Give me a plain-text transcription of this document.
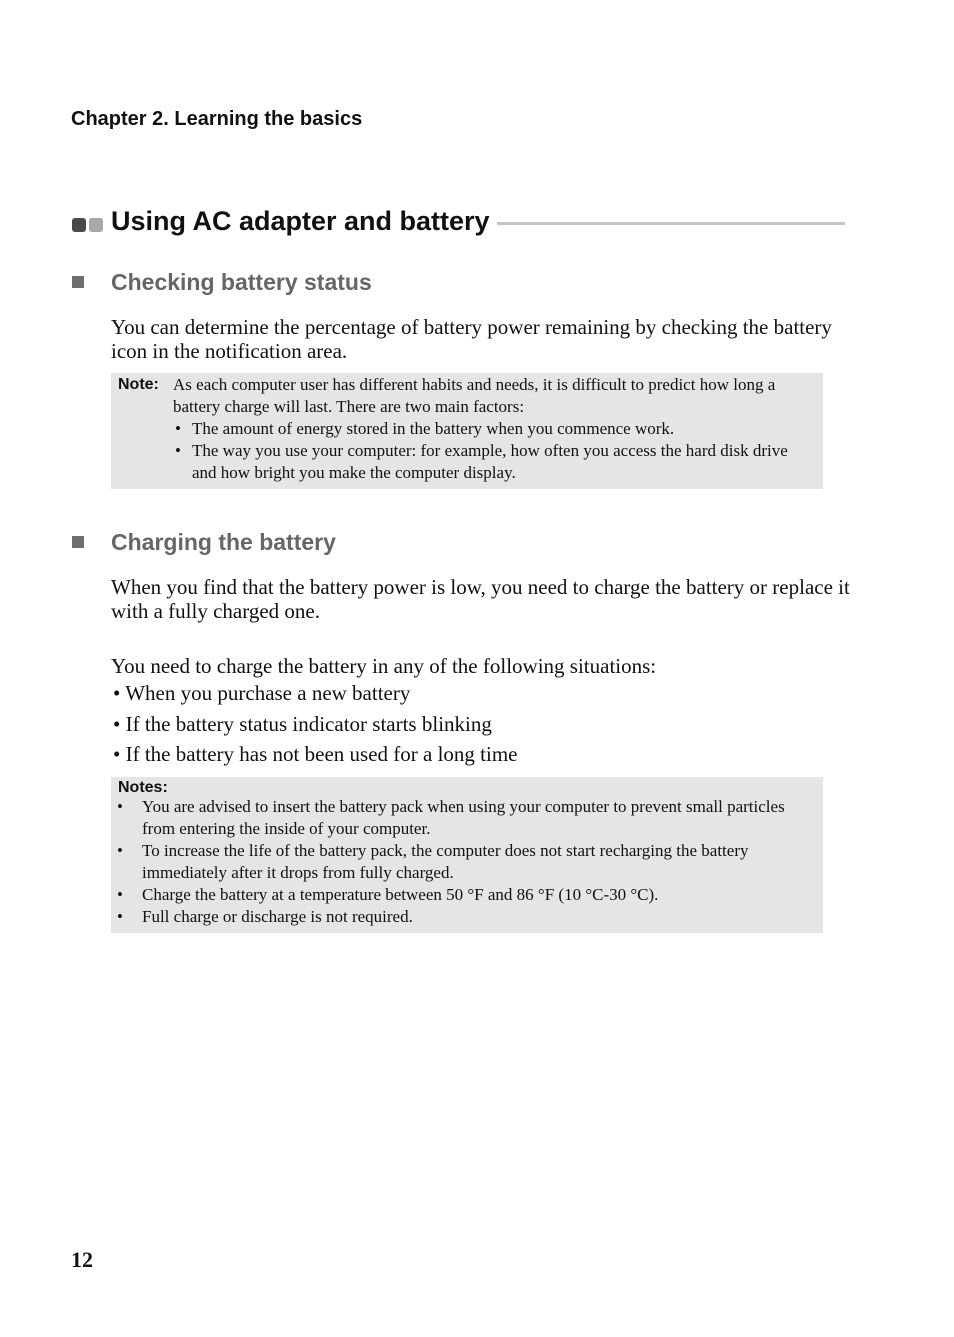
Chapter 2. Learning the basics
Using AC adapter and battery
Checking battery status
You can determine the percentage of battery power remaining by checking the battery icon in the notification area.
Note: As each computer user has different habits and needs, it is difficult to predict how long a battery charge will last. There are two main factors:
• The amount of energy stored in the battery when you commence work.
• The way you use your computer: for example, how often you access the hard disk drive and how bright you make the computer display.
Charging the battery
When you find that the battery power is low, you need to charge the battery or replace it with a fully charged one.
You need to charge the battery in any of the following situations:
• When you purchase a new battery
• If the battery status indicator starts blinking
• If the battery has not been used for a long time
Notes:
• You are advised to insert the battery pack when using your computer to prevent small particles from entering the inside of your computer.
• To increase the life of the battery pack, the computer does not start recharging the battery immediately after it drops from fully charged.
• Charge the battery at a temperature between 50 °F and 86 °F (10 °C-30 °C).
• Full charge or discharge is not required.
12
